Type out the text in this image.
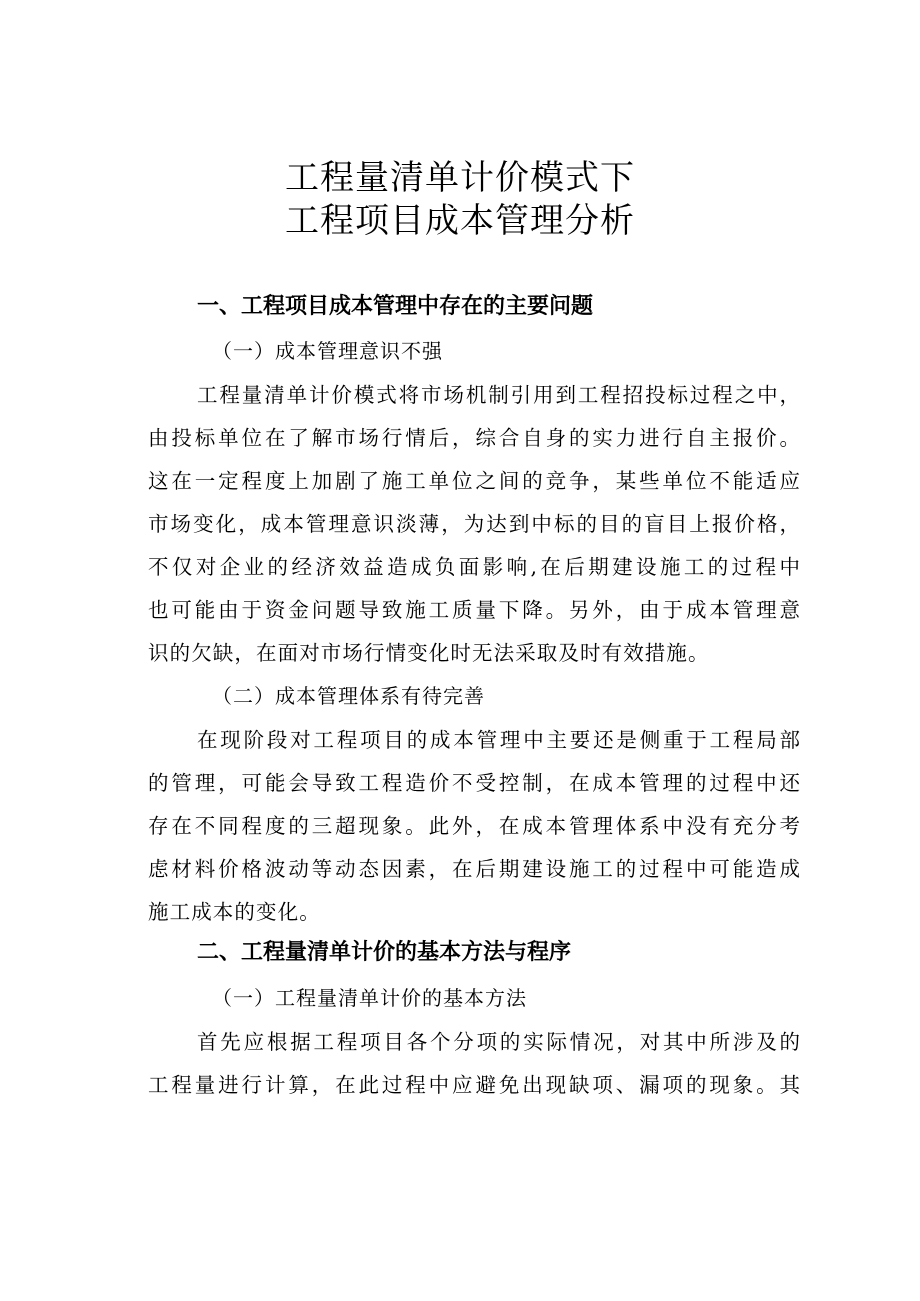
工程量清单计价模式下
工程项目成本管理分析
一、工程项目成本管理中存在的主要问题
（一）成本管理意识不强
工程量清单计价模式将市场机制引用到工程招投标过程之中，
由投标单位在了解市场行情后，综合自身的实力进行自主报价。
这在一定程度上加剧了施工单位之间的竞争，某些单位不能适应
市场变化，成本管理意识淡薄，为达到中标的目的盲目上报价格，
不仅对企业的经济效益造成负面影响,在后期建设施工的过程中
也可能由于资金问题导致施工质量下降。另外，由于成本管理意
识的欠缺，在面对市场行情变化时无法采取及时有效措施。
（二）成本管理体系有待完善
在现阶段对工程项目的成本管理中主要还是侧重于工程局部
的管理，可能会导致工程造价不受控制，在成本管理的过程中还
存在不同程度的三超现象。此外，在成本管理体系中没有充分考
虑材料价格波动等动态因素，在后期建设施工的过程中可能造成
施工成本的变化。
二、工程量清单计价的基本方法与程序
（一）工程量清单计价的基本方法
首先应根据工程项目各个分项的实际情况，对其中所涉及的
工程量进行计算，在此过程中应避免出现缺项、漏项的现象。其
